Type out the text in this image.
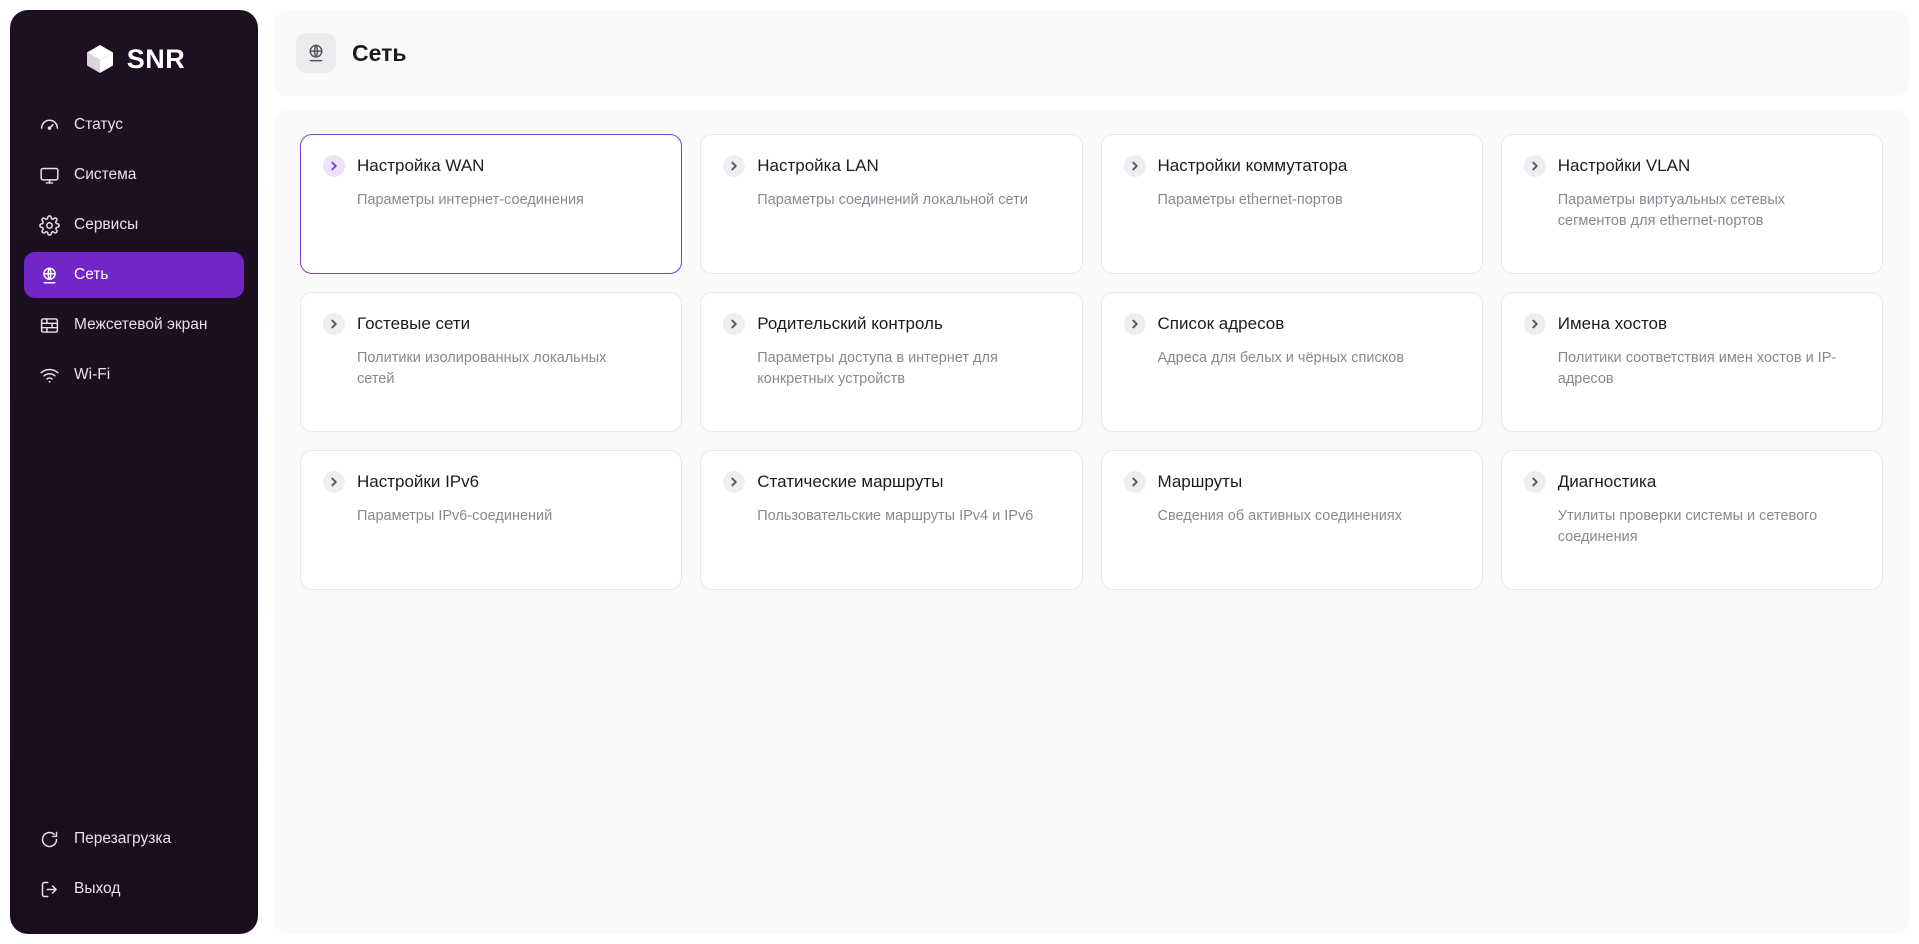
SNR
Статус
Система
Сервисы
Сеть
Межсетевой экран
Wi-Fi
Перезагрузка
Выход
Сеть
Настройка WAN
Параметры интернет-соединения
Настройка LAN
Параметры соединений локальной сети
Настройки коммутатора
Параметры ethernet-портов
Настройки VLAN
Параметры виртуальных сетевых сегментов для ethernet-портов
Гостевые сети
Политики изолированных локальных сетей
Родительский контроль
Параметры доступа в интернет для конкретных устройств
Список адресов
Адреса для белых и чёрных списков
Имена хостов
Политики соответствия имен хостов и IP-адресов
Настройки IPv6
Параметры IPv6-соединений
Статические маршруты
Пользовательские маршруты IPv4 и IPv6
Маршруты
Сведения об активных соединениях
Диагностика
Утилиты проверки системы и сетевого соединения
